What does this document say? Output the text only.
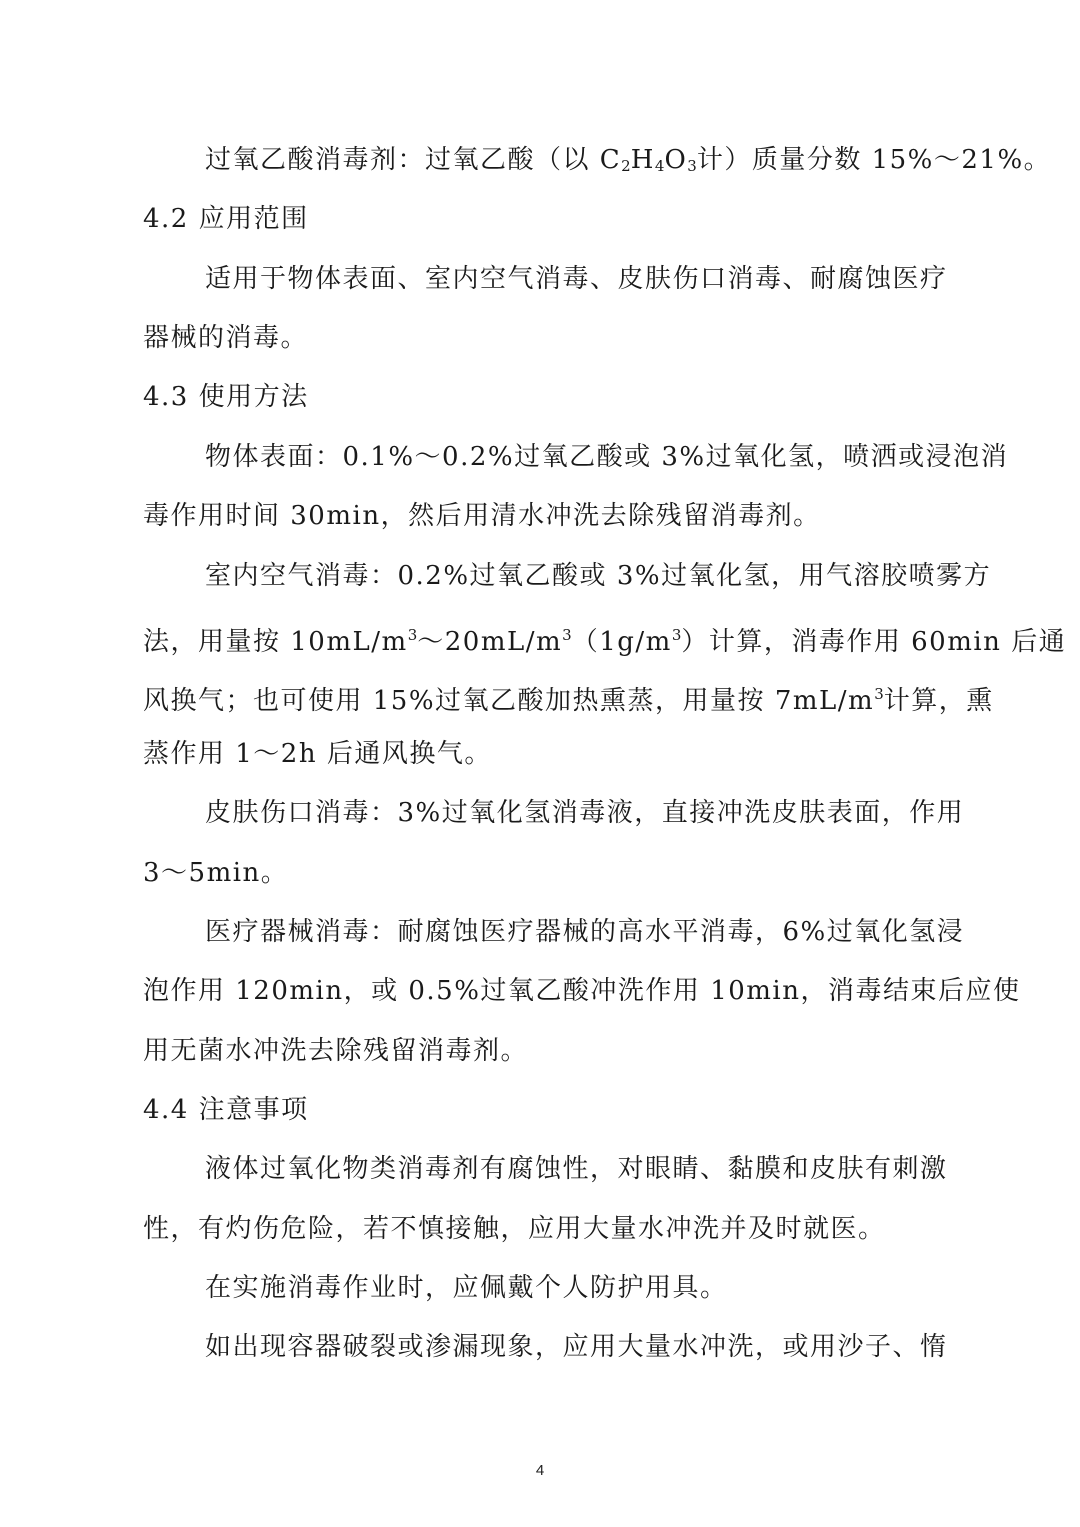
过氧乙酸消毒剂：过氧乙酸（以 $C_2H_4O_3$计）质量分数 15%～21%。
4.2 应用范围
适用于物体表面、室内空气消毒、皮肤伤口消毒、耐腐蚀医疗
器械的消毒。
4.3 使用方法
物体表面：0.1%～0.2%过氧乙酸或 3%过氧化氢，喷洒或浸泡消
毒作用时间 30min，然后用清水冲洗去除残留消毒剂。
室内空气消毒：0.2%过氧乙酸或 3%过氧化氢，用气溶胶喷雾方
法，用量按 $10mL/m^3\sim 20mL/m^3(1g/m^3)$计算，消毒作用 60min 后通
风换气；也可使用 15%过氧乙酸加热熏蒸，用量按 $7mL/m^3$计算，熏
蒸作用 1～2h 后通风换气。
皮肤伤口消毒：3%过氧化氢消毒液，直接冲洗皮肤表面，作用
3～5min。
医疗器械消毒：耐腐蚀医疗器械的高水平消毒，6%过氧化氢浸
泡作用 120min，或 0.5%过氧乙酸冲洗作用 10min，消毒结束后应使
用无菌水冲洗去除残留消毒剂。
4.4 注意事项
液体过氧化物类消毒剂有腐蚀性，对眼睛、黏膜和皮肤有刺激
性，有灼伤危险，若不慎接触，应用大量水冲洗并及时就医。
在实施消毒作业时，应佩戴个人防护用具。
如出现容器破裂或渗漏现象，应用大量水冲洗，或用沙子、惰
4
